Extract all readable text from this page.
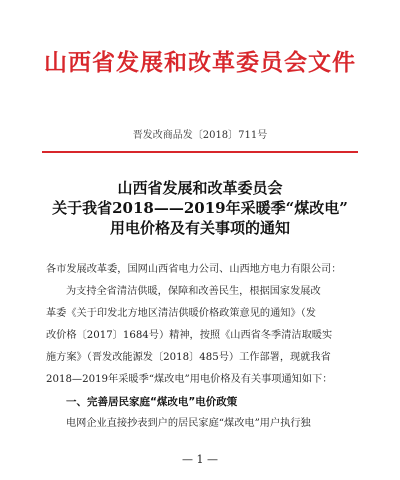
山西省发展和改革委员会文件
晋发改商品发〔2018〕711号
山西省发展和改革委员会
关于我省2018——2019年采暖季“煤改电”
用电价格及有关事项的通知
各市发展改革委，国网山西省电力公司、山西地方电力有限公司：
为支持全省清洁供暖，保障和改善民生，根据国家发展改
革委《关于印发北方地区清洁供暖价格政策意见的通知》（发
改价格〔2017〕1684号）精神，按照《山西省冬季清洁取暖实
施方案》（晋发改能源发〔2018〕485号）工作部署，现就我省
2018—2019年采暖季“煤改电”用电价格及有关事项通知如下：
一、完善居民家庭“煤改电”电价政策
电网企业直接抄表到户的居民家庭“煤改电”用户执行独
— 1 —
